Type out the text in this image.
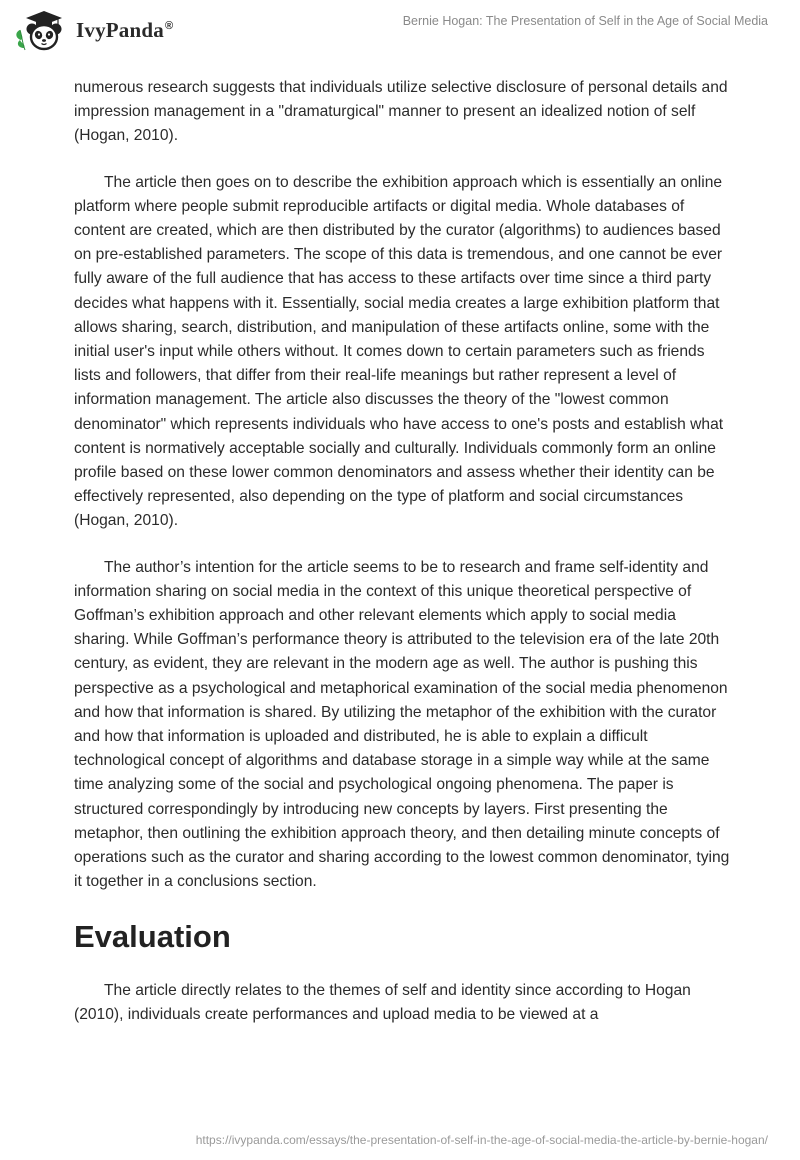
IvyPanda®	Bernie Hogan: The Presentation of Self in the Age of Social Media

numerous research suggests that individuals utilize selective disclosure of personal details and impression management in a "dramaturgical" manner to present an idealized notion of self (Hogan, 2010).

The article then goes on to describe the exhibition approach which is essentially an online platform where people submit reproducible artifacts or digital media. Whole databases of content are created, which are then distributed by the curator (algorithms) to audiences based on pre-established parameters. The scope of this data is tremendous, and one cannot be ever fully aware of the full audience that has access to these artifacts over time since a third party decides what happens with it. Essentially, social media creates a large exhibition platform that allows sharing, search, distribution, and manipulation of these artifacts online, some with the initial user's input while others without. It comes down to certain parameters such as friends lists and followers, that differ from their real-life meanings but rather represent a level of information management. The article also discusses the theory of the "lowest common denominator" which represents individuals who have access to one's posts and establish what content is normatively acceptable socially and culturally. Individuals commonly form an online profile based on these lower common denominators and assess whether their identity can be effectively represented, also depending on the type of platform and social circumstances (Hogan, 2010).

The author’s intention for the article seems to be to research and frame self-identity and information sharing on social media in the context of this unique theoretical perspective of Goffman’s exhibition approach and other relevant elements which apply to social media sharing. While Goffman’s performance theory is attributed to the television era of the late 20th century, as evident, they are relevant in the modern age as well. The author is pushing this perspective as a psychological and metaphorical examination of the social media phenomenon and how that information is shared. By utilizing the metaphor of the exhibition with the curator and how that information is uploaded and distributed, he is able to explain a difficult technological concept of algorithms and database storage in a simple way while at the same time analyzing some of the social and psychological ongoing phenomena. The paper is structured correspondingly by introducing new concepts by layers. First presenting the metaphor, then outlining the exhibition approach theory, and then detailing minute concepts of operations such as the curator and sharing according to the lowest common denominator, tying it together in a conclusions section.

Evaluation

The article directly relates to the themes of self and identity since according to Hogan (2010), individuals create performances and upload media to be viewed at a

https://ivypanda.com/essays/the-presentation-of-self-in-the-age-of-social-media-the-article-by-bernie-hogan/
